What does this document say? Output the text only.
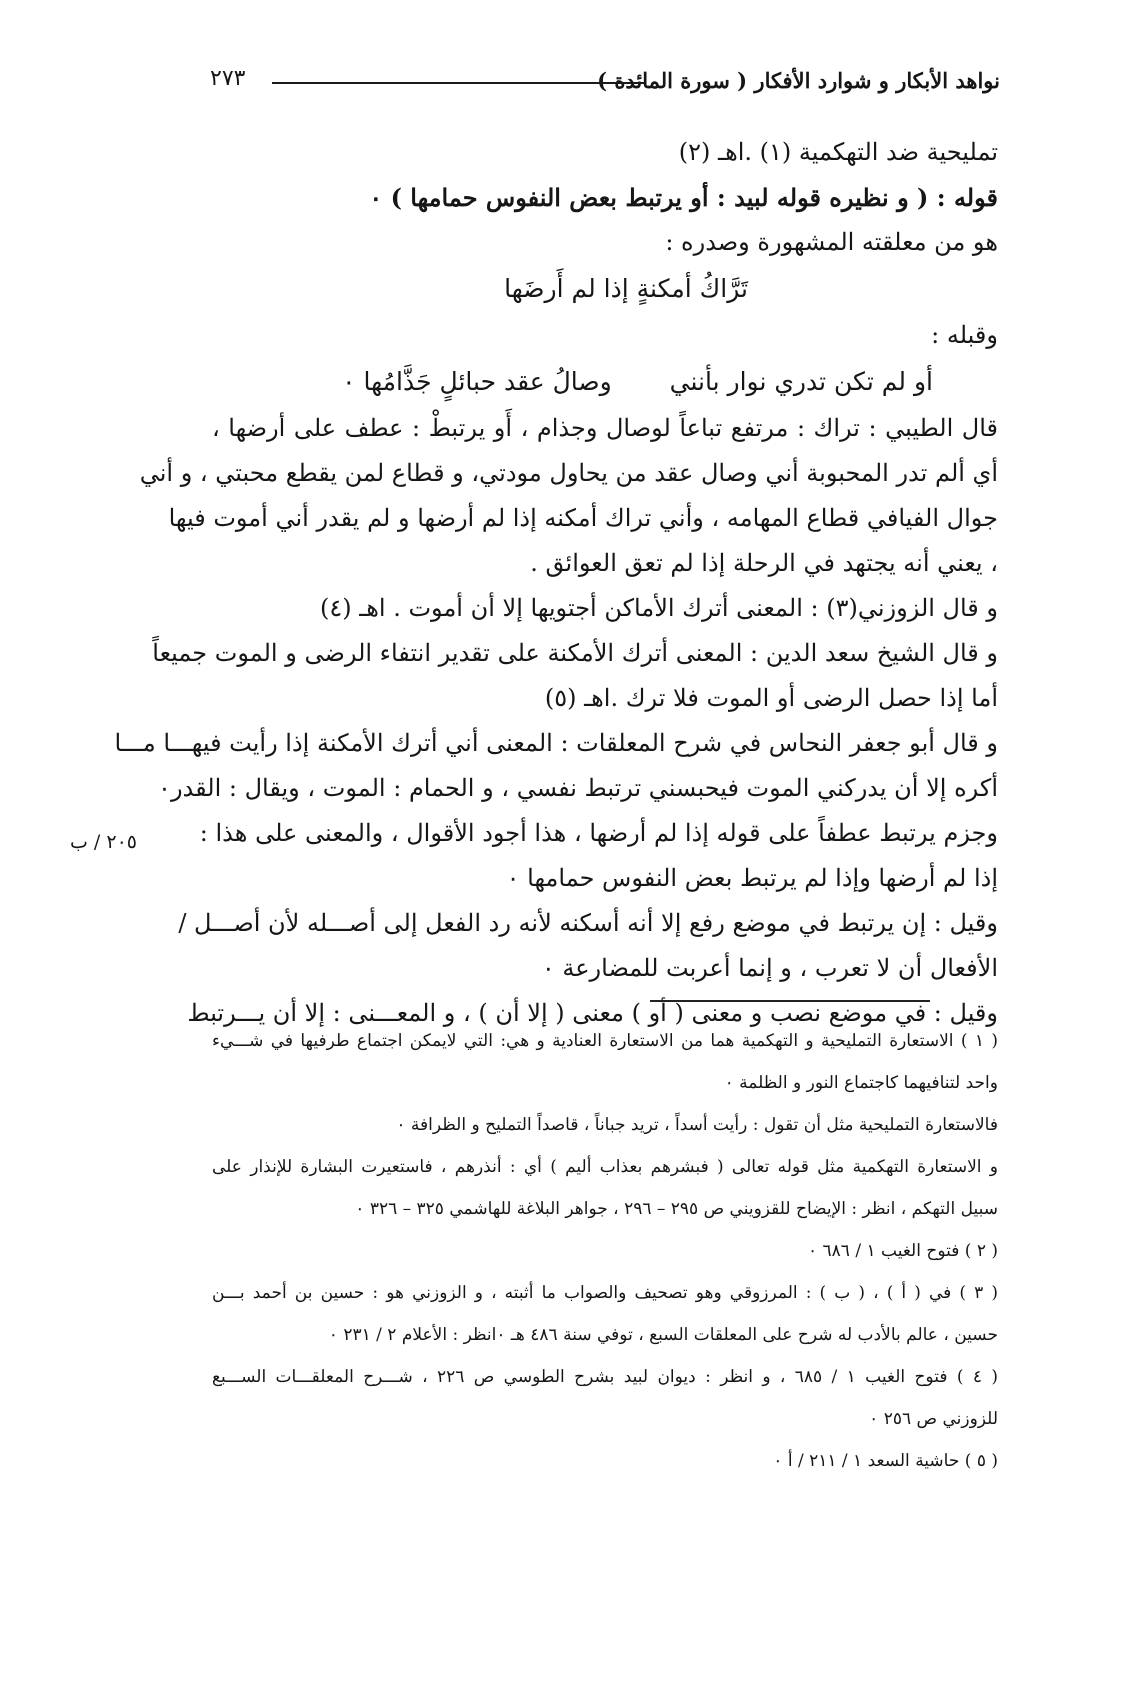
نواهد الأبكار و شوارد الأفكار ( سورة المائدة )
٢٧٣
تمليحية ضد التهكمية (١) .اهـ (٢)
قوله : ( و نظيره قوله لبيد : أو يرتبط بعض النفوس حمامها ) ٠
هو من معلقته المشهورة وصدره :
تَرَّاكُ أمكنةٍ إذا لم أَرضَها
وقبله :
أو لم تكن تدري نوار بأنني وصالُ عقد حبائلٍ جَذَّامُها ٠
قال الطيبي : تراك : مرتفع تباعاً لوصال وجذام ، أَو يرتبطْ : عطف على أرضها ،
أي ألم تدر المحبوبة أني وصال عقد من يحاول مودتي، و قطاع لمن يقطع محبتي ، و أني
جوال الفيافي قطاع المهامه ، وأني تراك أمكنه إذا لم أرضها و لم يقدر أني أموت فيها
، يعني أنه يجتهد في الرحلة إذا لم تعق العوائق .
و قال الزوزني(٣) : المعنى أترك الأماكن أجتويها إلا أن أموت . اهـ (٤)
و قال الشيخ سعد الدين : المعنى أترك الأمكنة على تقدير انتفاء الرضى و الموت جميعاً
أما إذا حصل الرضى أو الموت فلا ترك .اهـ (٥)
و قال أبو جعفر النحاس في شرح المعلقات : المعنى أني أترك الأمكنة إذا رأيت فيهـــا مـــا
أكره إلا أن يدركني الموت فيحبسني ترتبط نفسي ، و الحمام : الموت ، ويقال : القدر٠
وجزم يرتبط عطفاً على قوله إذا لم أرضها ، هذا أجود الأقوال ، والمعنى على هذا :
إذا لم أرضها وإذا لم يرتبط بعض النفوس حمامها ٠
وقيل : إن يرتبط في موضع رفع إلا أنه أسكنه لأنه رد الفعل إلى أصـــله لأن أصـــل /
الأفعال أن لا تعرب ، و إنما أعربت للمضارعة ٠
وقيل : في موضع نصب و معنى ( أو ) معنى ( إلا أن ) ، و المعـــنى : إلا أن يـــرتبط
٢٠٥ / ب
( ١ ) الاستعارة التمليحية و التهكمية هما من الاستعارة العنادية و هي: التي لايمكن اجتماع طرفيها في شـــيء
واحد لتنافيهما كاجتماع النور و الظلمة ٠
فالاستعارة التمليحية مثل أن تقول : رأيت أسداً ، تريد جباناً ، قاصداً التمليح و الظرافة ٠
و الاستعارة التهكمية مثل قوله تعالى ( فبشرهم بعذاب أليم ) أي : أنذرهم ، فاستعيرت البشارة للإنذار على
سبيل التهكم ، انظر : الإيضاح للقزويني ص ٢٩٥ – ٢٩٦ ، جواهر البلاغة للهاشمي ٣٢٥ – ٣٢٦ ٠
( ٢ ) فتوح الغيب ١ / ٦٨٦ ٠
( ٣ ) في ( أ ) ، ( ب ) : المرزوقي وهو تصحيف والصواب ما أثبته ، و الزوزني هو : حسين بن أحمد بـــن
حسين ، عالم بالأدب له شرح على المعلقات السبع ، توفي سنة ٤٨٦ هـ ٠انظر : الأعلام ٢ / ٢٣١ ٠
( ٤ ) فتوح الغيب ١ / ٦٨٥ ، و انظر : ديوان لبيد بشرح الطوسي ص ٢٢٦ ، شـــرح المعلقـــات الســـبع
للزوزني ص ٢٥٦ ٠
( ٥ ) حاشية السعد ١ / ٢١١ / أ ٠
